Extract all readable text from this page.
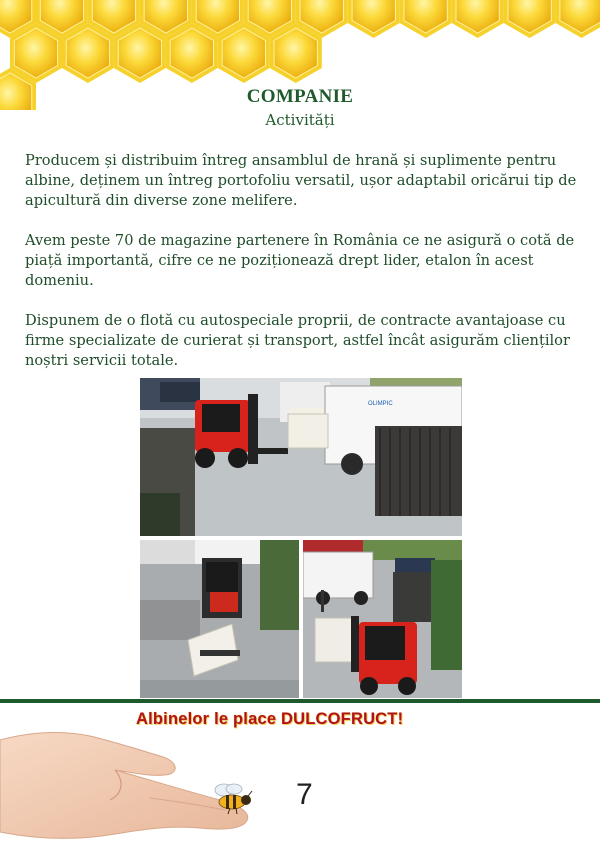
COMPANIE
Activități

Producem și distribuim întreg ansamblul de hrană și suplimente pentru albine, deținem un întreg portofoliu versatil, ușor adaptabil oricărui tip de apicultură din diverse zone melifere.

Avem peste 70 de magazine partenere în România ce ne asigură o cotă de piață importantă, cifre ce ne poziționează drept lider, etalon în acest domeniu.

Dispunem de o flotă cu autospeciale proprii, de contracte avantajoase cu firme specializate de curierat și transport, astfel încât asigurăm clienților noștri servicii totale.

OLIMPIC
Albinelor le place DULCOFRUCT!
7
